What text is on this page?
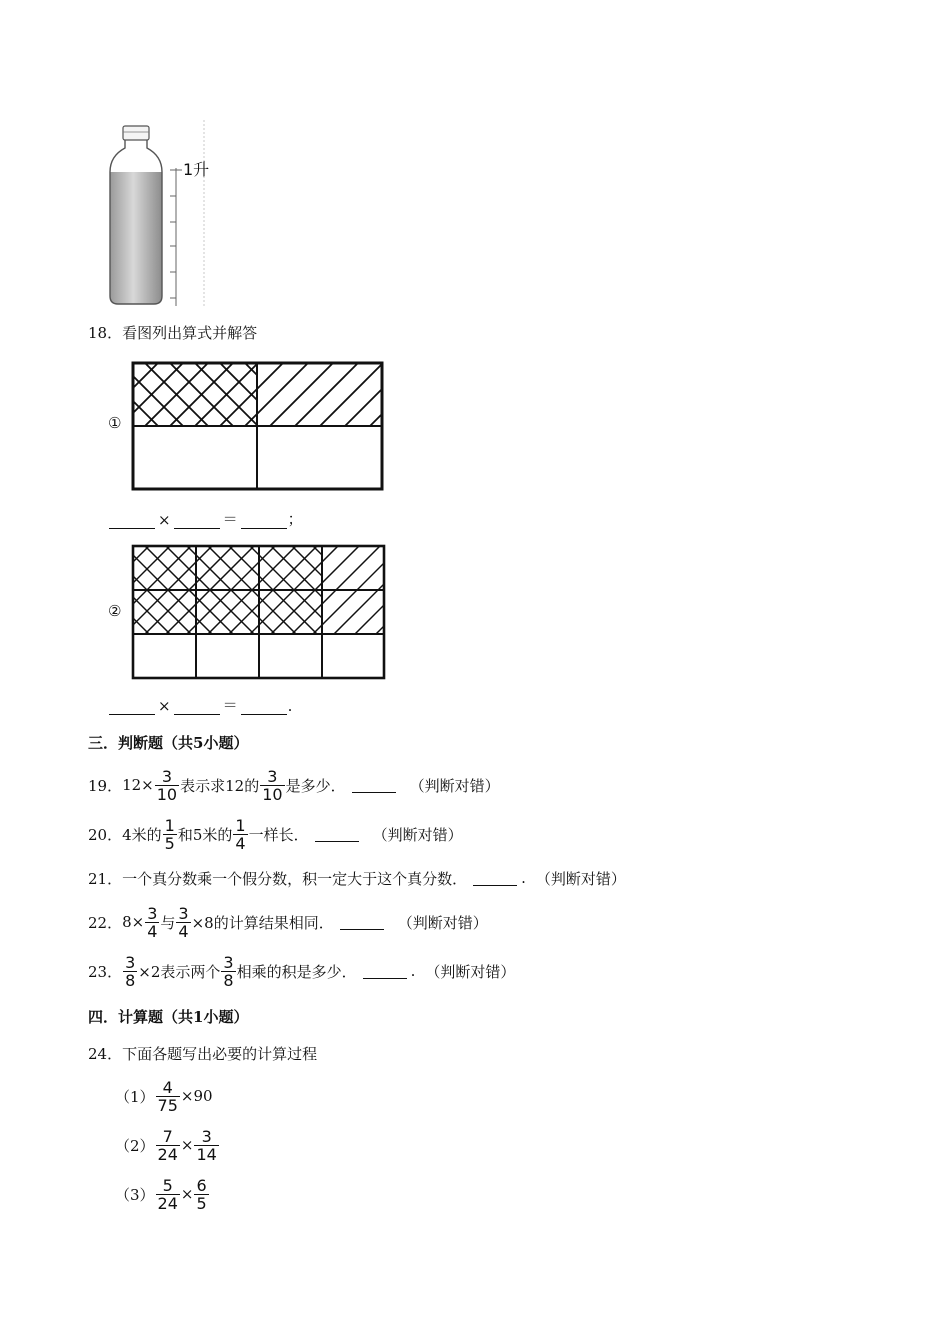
1升
18． 看图列出算式并解答
①
×	＝	；
②
×	＝	.
三．判断题（共5小题）
19． $12\times \frac{3}{10}$ 表示求12的 $\frac{3}{10}$ 是多少．	（判断对错）
20． 4米的 $\frac{1}{5}$ 和5米的 $\frac{1}{4}$ 一样长．	（判断对错）
21． 一个真分数乘一个假分数，积一定大于这个真分数．	. （判断对错）
22． $8\times \frac{3}{4}$ 与 $\frac{3}{4} \times 8$的计算结果相同．	（判断对错）
23． $\frac{3}{8} \times 2$表示两个 $\frac{3}{8}$ 相乘的积是多少．	. （判断对错）
四．计算题（共1小题）
24． 下面各题写出必要的计算过程
$(1) \frac{4}{75} \times 90$
$(2) \frac{7}{24} \times \frac{3}{14}$
$(3) \frac{5}{24} \times \frac{6}{5}$
